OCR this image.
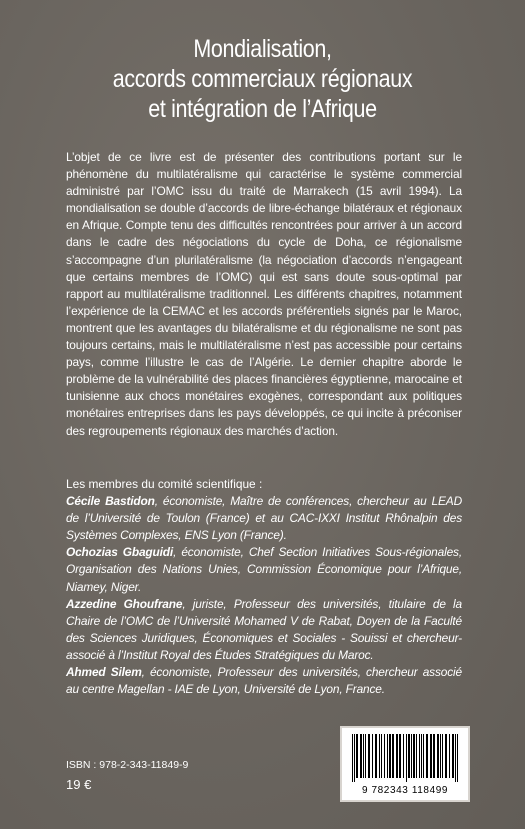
Mondialisation,
accords commerciaux régionaux
et intégration de l’Afrique

L’objet de ce livre est de présenter des contributions portant sur le phénomène du multilatéralisme qui caractérise le système commercial administré par l’OMC issu du traité de Marrakech (15 avril 1994). La mondialisation se double d’accords de libre-échange bilatéraux et régionaux en Afrique. Compte tenu des difficultés rencontrées pour arriver à un accord dans le cadre des négociations du cycle de Doha, ce régionalisme s’accompagne d’un plurilatéralisme (la négociation d’accords n’engageant que certains membres de l’OMC) qui est sans doute sous-optimal par rapport au multilatéralisme traditionnel. Les différents chapitres, notamment l’expérience de la CEMAC et les accords préférentiels signés par le Maroc, montrent que les avantages du bilatéralisme et du régionalisme ne sont pas toujours certains, mais le multilatéralisme n’est pas accessible pour certains pays, comme l’illustre le cas de l’Algérie. Le dernier chapitre aborde le problème de la vulnérabilité des places financières égyptienne, marocaine et tunisienne aux chocs monétaires exogènes, correspondant aux politiques monétaires entreprises dans les pays développés, ce qui incite à préconiser des regroupements régionaux des marchés d’action.

Les membres du comité scientifique :

Cécile Bastidon, économiste, Maître de conférences, chercheur au LEAD de l’Université de Toulon (France) et au CAC-IXXI Institut Rhônalpin des Systèmes Complexes, ENS Lyon (France).

Ochozias Gbaguidi, économiste, Chef Section Initiatives Sous-régionales, Organisation des Nations Unies, Commission Économique pour l’Afrique, Niamey, Niger.

Azzedine Ghoufrane, juriste, Professeur des universités, titulaire de la Chaire de l’OMC de l’Université Mohamed V de Rabat, Doyen de la Faculté des Sciences Juridiques, Économiques et Sociales - Souissi et chercheur-associé à l’Institut Royal des Études Stratégiques du Maroc.

Ahmed Silem, économiste, Professeur des universités, chercheur associé au centre Magellan - IAE de Lyon, Université de Lyon, France.

ISBN : 978-2-343-11849-9
19 €	9 782343 118499
